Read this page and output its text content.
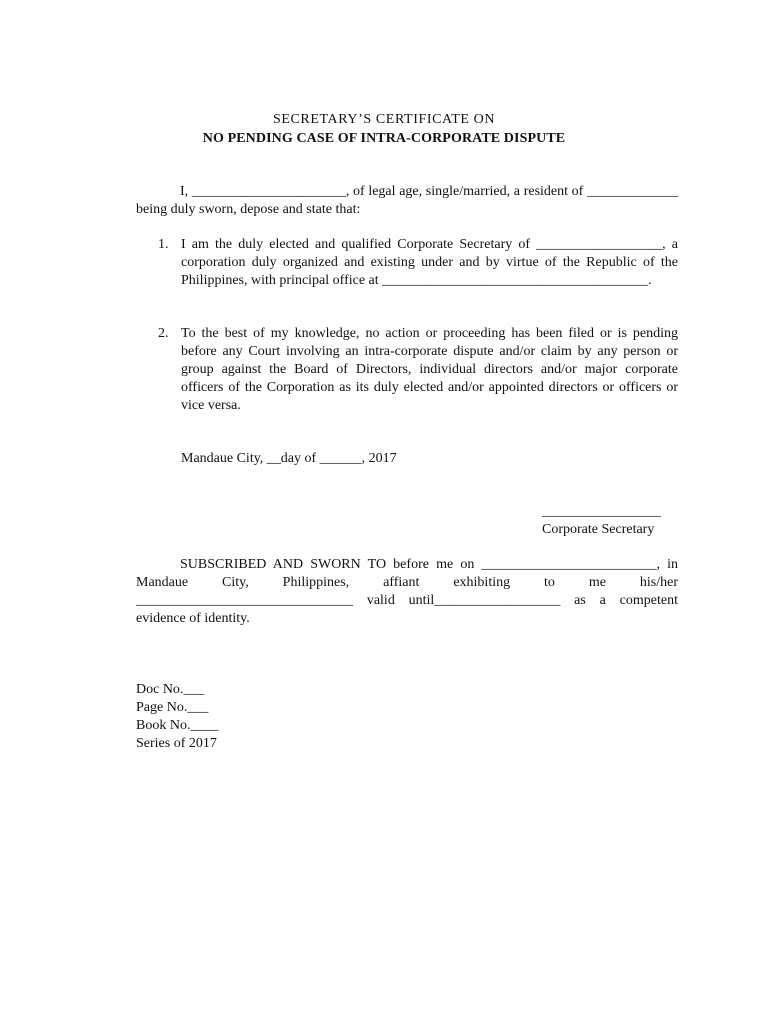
SECRETARY’S CERTIFICATE ON
NO PENDING CASE OF INTRA-CORPORATE DISPUTE
I, ______________________, of legal age, single/married, a resident of _____________ being duly sworn, depose and state that:
1. I am the duly elected and qualified Corporate Secretary of __________________, a corporation duly organized and existing under and by virtue of the Republic of the Philippines, with principal office at ______________________________________.
2. To the best of my knowledge, no action or proceeding has been filed or is pending before any Court involving an intra-corporate dispute and/or claim by any person or group against the Board of Directors, individual directors and/or major corporate officers of the Corporation as its duly elected and/or appointed directors or officers or vice versa.
Mandaue City, __day of ______, 2017
_________________
Corporate Secretary
SUBSCRIBED AND SWORN TO before me on _________________________, in Mandaue City, Philippines, affiant exhibiting to me his/her _______________________________ valid until__________________ as a competent evidence of identity.
Doc No.___
Page No.___
Book No.____
Series of 2017
